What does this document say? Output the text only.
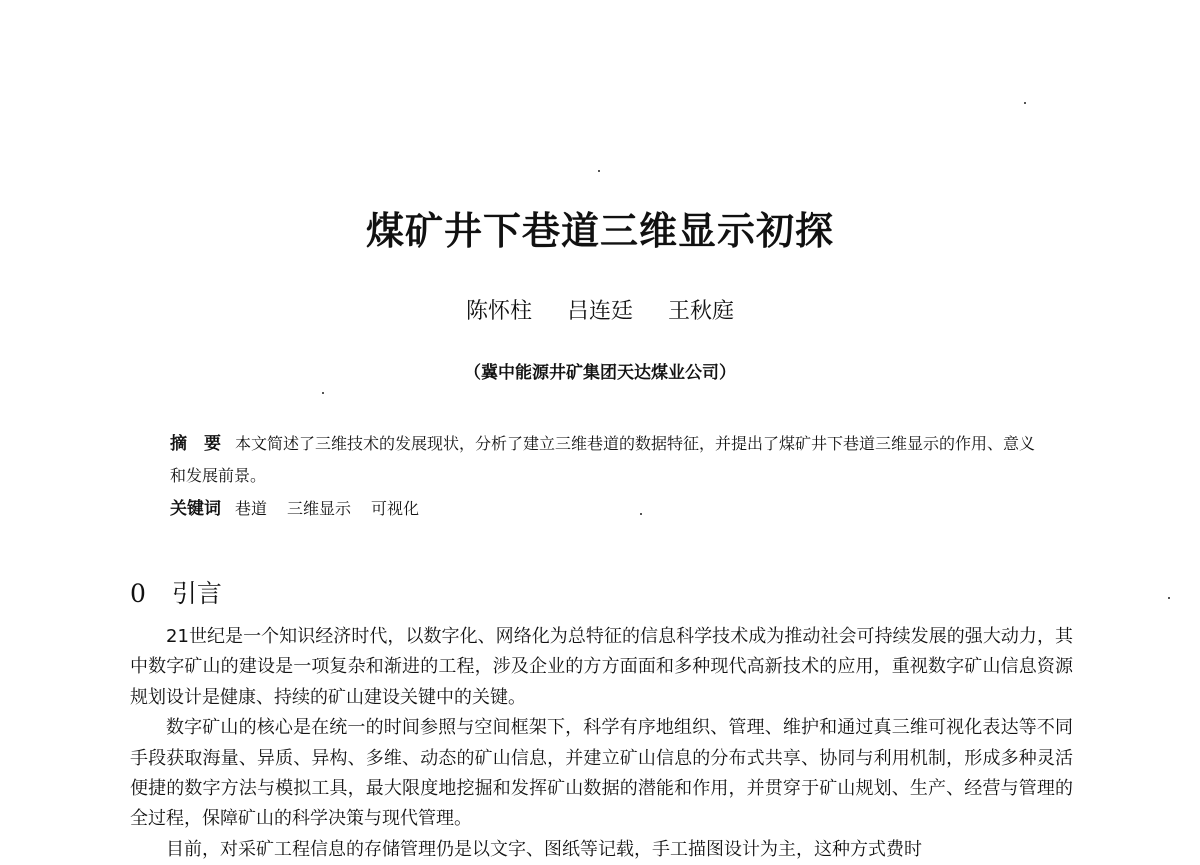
煤矿井下巷道三维显示初探
陈怀柱 吕连廷 王秋庭
（冀中能源井矿集团天达煤业公司）
摘　要 本文简述了三维技术的发展现状，分析了建立三维巷道的数据特征，并提出了煤矿井下巷道三维显示的作用、意义和发展前景。
关键词 巷道 三维显示 可视化
0 引言

21世纪是一个知识经济时代，以数字化、网络化为总特征的信息科学技术成为推动社会可持续发展的强大动力，其中数字矿山的建设是一项复杂和渐进的工程，涉及企业的方方面面和多种现代高新技术的应用，重视数字矿山信息资源规划设计是健康、持续的矿山建设关键中的关键。

数字矿山的核心是在统一的时间参照与空间框架下，科学有序地组织、管理、维护和通过真三维可视化表达等不同手段获取海量、异质、异构、多维、动态的矿山信息，并建立矿山信息的分布式共享、协同与利用机制，形成多种灵活便捷的数字方法与模拟工具，最大限度地挖掘和发挥矿山数据的潜能和作用，并贯穿于矿山规划、生产、经营与管理的全过程，保障矿山的科学决策与现代管理。

目前，对采矿工程信息的存储管理仍是以文字、图纸等记载，手工描图设计为主，这种方式费时
